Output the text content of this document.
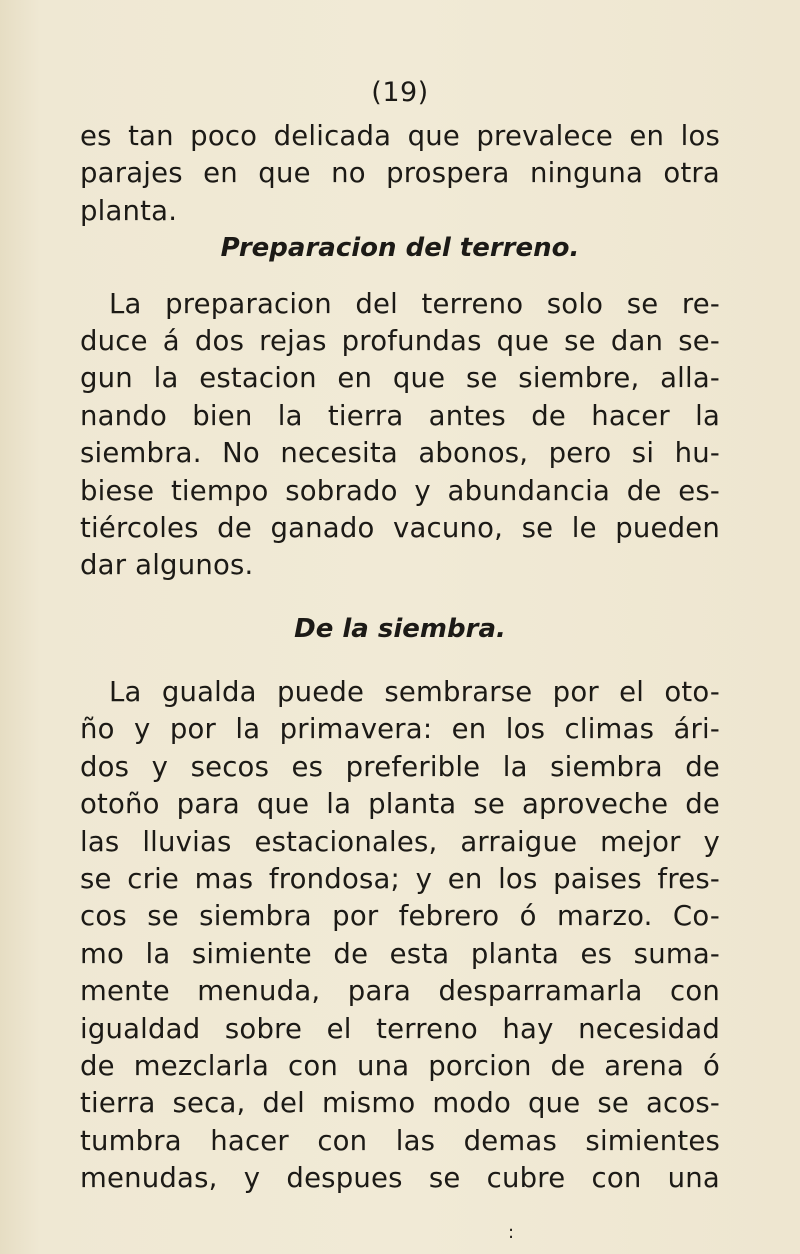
(19)
es tan poco delicada que prevalece en los
parajes en que no prospera ninguna otra
planta.
Preparacion del terreno.
La preparacion del terreno solo se re-
duce á dos rejas profundas que se dan se-
gun la estacion en que se siembre, alla-
nando bien la tierra antes de hacer la
siembra. No necesita abonos, pero si hu-
biese tiempo sobrado y abundancia de es-
tiércoles de ganado vacuno, se le pueden
dar algunos.
De la siembra.
La gualda puede sembrarse por el oto-
ño y por la primavera: en los climas ári-
dos y secos es preferible la siembra de
otoño para que la planta se aproveche de
las lluvias estacionales, arraigue mejor y
se crie mas frondosa; y en los paises fres-
cos se siembra por febrero ó marzo. Co-
mo la simiente de esta planta es suma-
mente menuda, para desparramarla con
igualdad sobre el terreno hay necesidad
de mezclarla con una porcion de arena ó
tierra seca, del mismo modo que se acos-
tumbra hacer con las demas simientes
menudas, y despues se cubre con una
:
